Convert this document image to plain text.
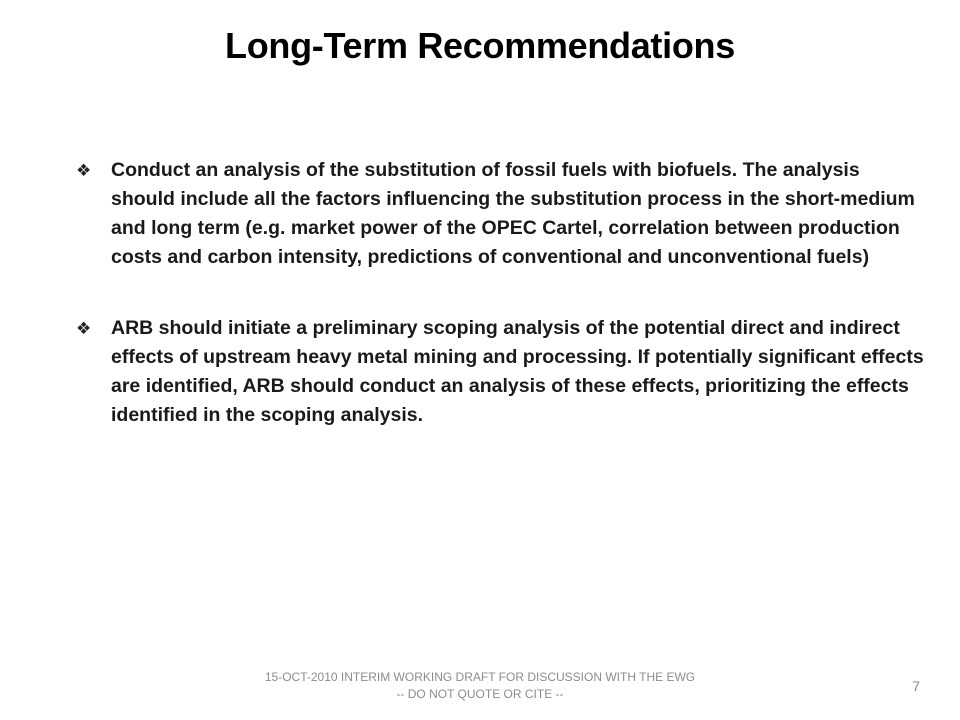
Long-Term Recommendations
❖ Conduct an analysis of the substitution of fossil fuels with biofuels. The analysis should include all the factors influencing the substitution process in the short-medium and long term (e.g. market power of the OPEC Cartel, correlation between production costs and carbon intensity, predictions of conventional and unconventional fuels)
❖ ARB should initiate a preliminary scoping analysis of the potential direct and indirect effects of upstream heavy metal mining and processing. If potentially significant effects are identified, ARB should conduct an analysis of these effects, prioritizing the effects identified in the scoping analysis.
15-OCT-2010 INTERIM WORKING DRAFT FOR DISCUSSION WITH THE EWG
-- DO NOT QUOTE OR CITE --	7
